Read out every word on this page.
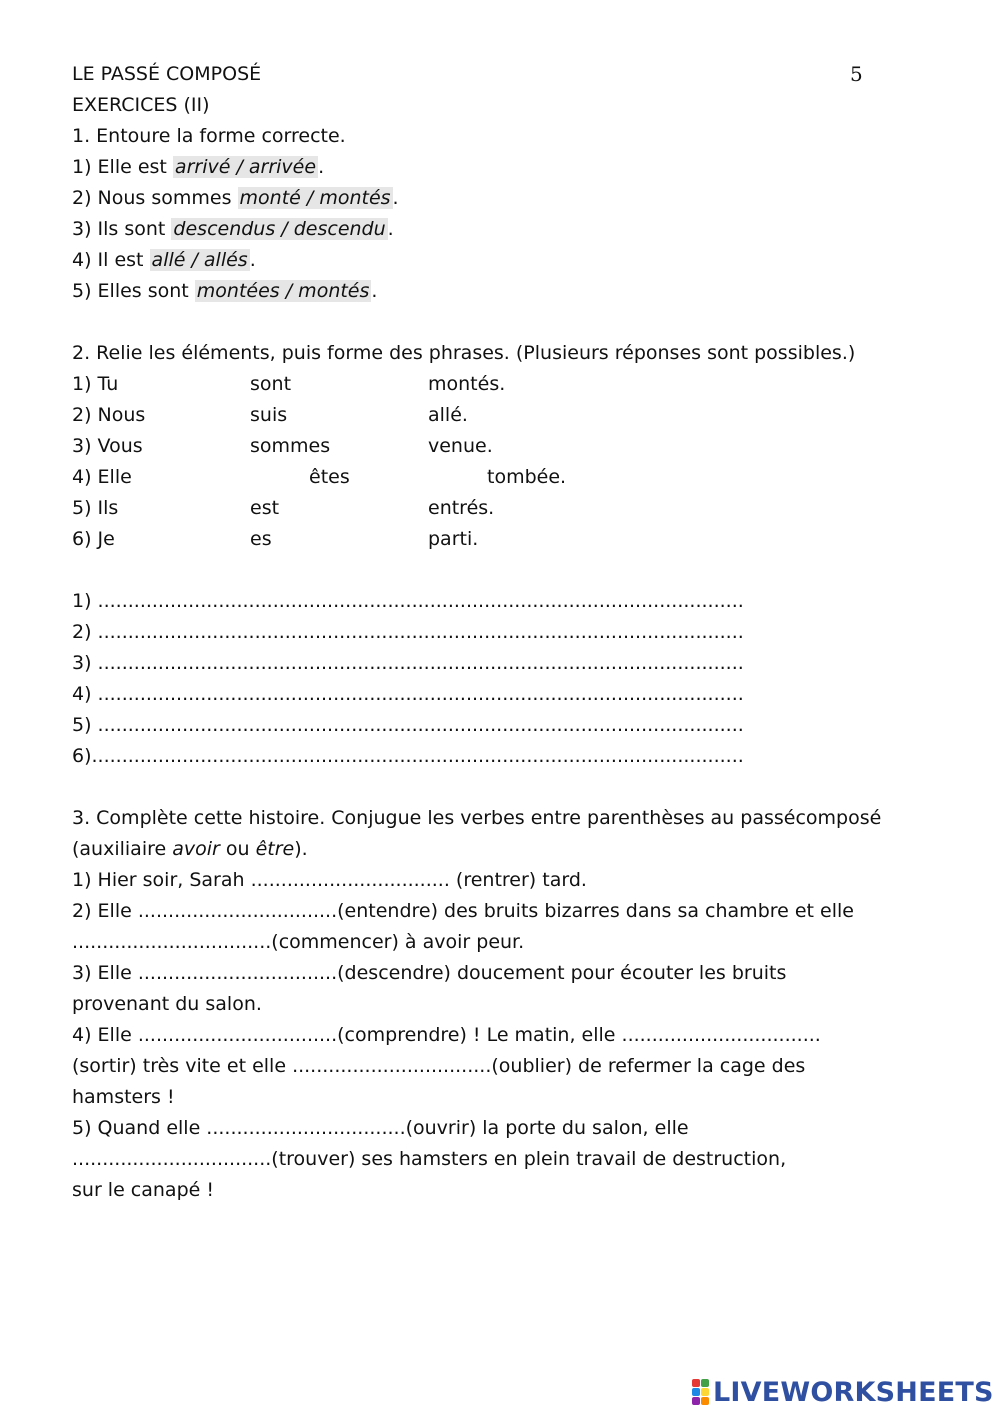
LE PASSÉ COMPOSÉ	5
EXERCICES (II)
1. Entoure la forme correcte.
1) Elle est arrivé / arrivée .
2) Nous sommes monté / montés .
3) Ils sont descendus / descendu .
4) Il est allé / allés .
5) Elles sont montées / montés .
2. Relie les éléments, puis forme des phrases. (Plusieurs réponses sont possibles.)
1) Tu	sont	montés.
2) Nous	suis	allé.
3) Vous	sommes	venue.
4) Elle	êtes	tombée.
5) Ils	est	entrés.
6) Je	es	parti.
1) ...........................................................................................................
2) ...........................................................................................................
3) ...........................................................................................................
4) ...........................................................................................................
5) ...........................................................................................................
6)............................................................................................................
3. Complète cette histoire. Conjugue les verbes entre parenthèses au passécomposé
(auxiliaire avoir ou être).
1) Hier soir, Sarah ................................. (rentrer) tard.
2) Elle .................................(entendre) des bruits bizarres dans sa chambre et elle
.................................(commencer) à avoir peur.
3) Elle .................................(descendre) doucement pour écouter les bruits
provenant du salon.
4) Elle .................................(comprendre) ! Le matin, elle .................................
(sortir) très vite et elle .................................(oublier) de refermer la cage des
hamsters !
5) Quand elle .................................(ouvrir) la porte du salon, elle
.................................(trouver) ses hamsters en plein travail de destruction,
sur le canapé !
LIVEWORKSHEETS
